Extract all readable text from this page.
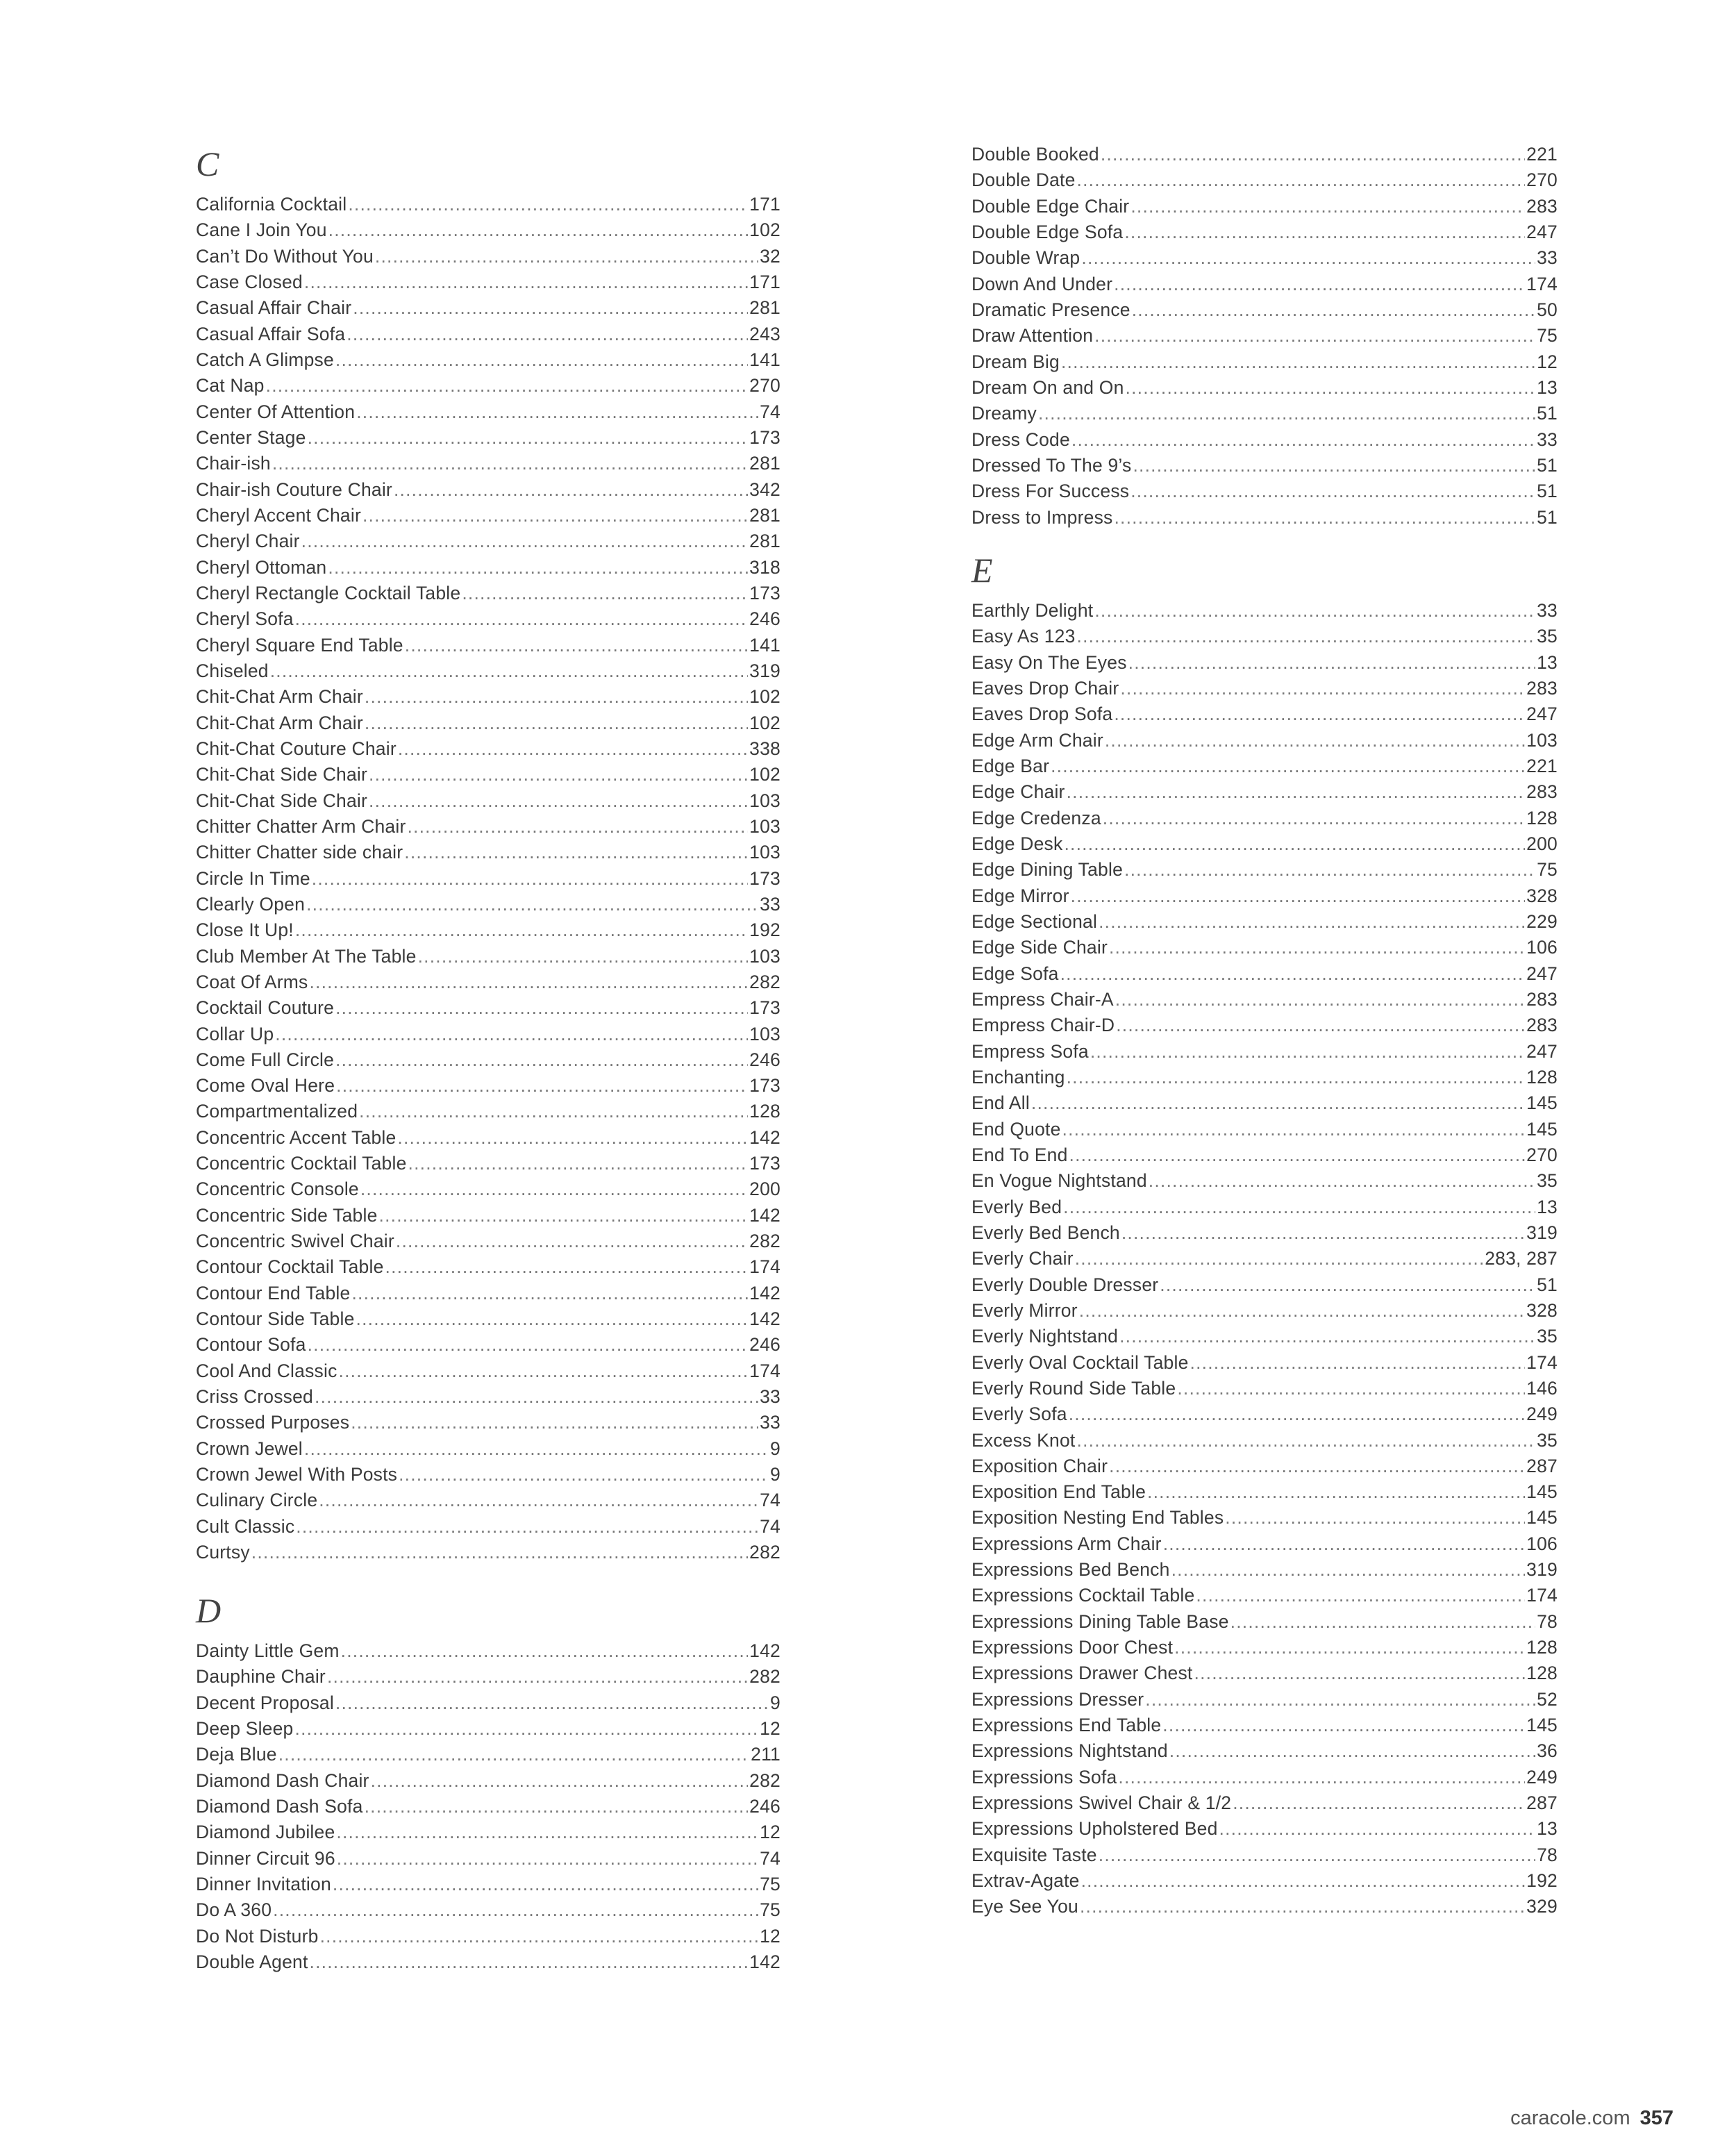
C
California Cocktail .....	171
Cane I Join You .....	102
Can’t Do Without You .....	32
Case Closed .....	171
Casual Affair Chair .....	281
Casual Affair Sofa .....	243
Catch A Glimpse .....	141
Cat Nap .....	270
Center Of Attention .....	74
Center Stage .....	173
Chair-ish .....	281
Chair-ish Couture Chair .....	342
Cheryl Accent Chair .....	281
Cheryl Chair .....	281
Cheryl Ottoman .....	318
Cheryl Rectangle Cocktail Table .....	173
Cheryl Sofa .....	246
Cheryl Square End Table .....	141
Chiseled .....	319
Chit-Chat Arm Chair .....	102
Chit-Chat Arm Chair .....	102
Chit-Chat Couture Chair .....	338
Chit-Chat Side Chair .....	102
Chit-Chat Side Chair .....	103
Chitter Chatter Arm Chair .....	103
Chitter Chatter side chair .....	103
Circle In Time .....	173
Clearly Open .....	33
Close It Up! .....	192
Club Member At The Table .....	103
Coat Of Arms .....	282
Cocktail Couture .....	173
Collar Up .....	103
Come Full Circle .....	246
Come Oval Here .....	173
Compartmentalized .....	128
Concentric Accent Table .....	142
Concentric Cocktail Table .....	173
Concentric Console .....	200
Concentric Side Table .....	142
Concentric Swivel Chair .....	282
Contour Cocktail Table .....	174
Contour End Table .....	142
Contour Side Table .....	142
Contour Sofa .....	246
Cool And Classic .....	174
Criss Crossed .....	33
Crossed Purposes .....	33
Crown Jewel .....	9
Crown Jewel With Posts .....	9
Culinary Circle .....	74
Cult Classic .....	74
Curtsy .....	282
D
Dainty Little Gem .....	142
Dauphine Chair .....	282
Decent Proposal .....	9
Deep Sleep .....	12
Deja Blue .....	211
Diamond Dash Chair .....	282
Diamond Dash Sofa .....	246
Diamond Jubilee .....	12
Dinner Circuit 96 .....	74
Dinner Invitation .....	75
Do A 360 .....	75
Do Not Disturb .....	12
Double Agent .....	142
Double Booked .....	221
Double Date .....	270
Double Edge Chair .....	283
Double Edge Sofa .....	247
Double Wrap .....	33
Down And Under .....	174
Dramatic Presence .....	50
Draw Attention .....	75
Dream Big .....	12
Dream On and On .....	13
Dreamy .....	51
Dress Code .....	33
Dressed To The 9’s .....	51
Dress For Success .....	51
Dress to Impress .....	51
E
Earthly Delight .....	33
Easy As 123 .....	35
Easy On The Eyes .....	13
Eaves Drop Chair .....	283
Eaves Drop Sofa .....	247
Edge Arm Chair .....	103
Edge Bar .....	221
Edge Chair .....	283
Edge Credenza .....	128
Edge Desk .....	200
Edge Dining Table .....	75
Edge Mirror .....	328
Edge Sectional .....	229
Edge Side Chair .....	106
Edge Sofa .....	247
Empress Chair-A .....	283
Empress Chair-D .....	283
Empress Sofa .....	247
Enchanting .....	128
End All .....	145
End Quote .....	145
End To End .....	270
En Vogue Nightstand .....	35
Everly Bed .....	13
Everly Bed Bench .....	319
Everly Chair .....	283, 287
Everly Double Dresser .....	51
Everly Mirror .....	328
Everly Nightstand .....	35
Everly Oval Cocktail Table .....	174
Everly Round Side Table .....	146
Everly Sofa .....	249
Excess Knot .....	35
Exposition Chair .....	287
Exposition End Table .....	145
Exposition Nesting End Tables .....	145
Expressions Arm Chair .....	106
Expressions Bed Bench .....	319
Expressions Cocktail Table .....	174
Expressions Dining Table Base .....	78
Expressions Door Chest .....	128
Expressions Drawer Chest .....	128
Expressions Dresser .....	52
Expressions End Table .....	145
Expressions Nightstand .....	36
Expressions Sofa .....	249
Expressions Swivel Chair & 1/2 .....	287
Expressions Upholstered Bed .....	13
Exquisite Taste .....	78
Extrav-Agate .....	192
Eye See You .....	329
caracole.com 357
